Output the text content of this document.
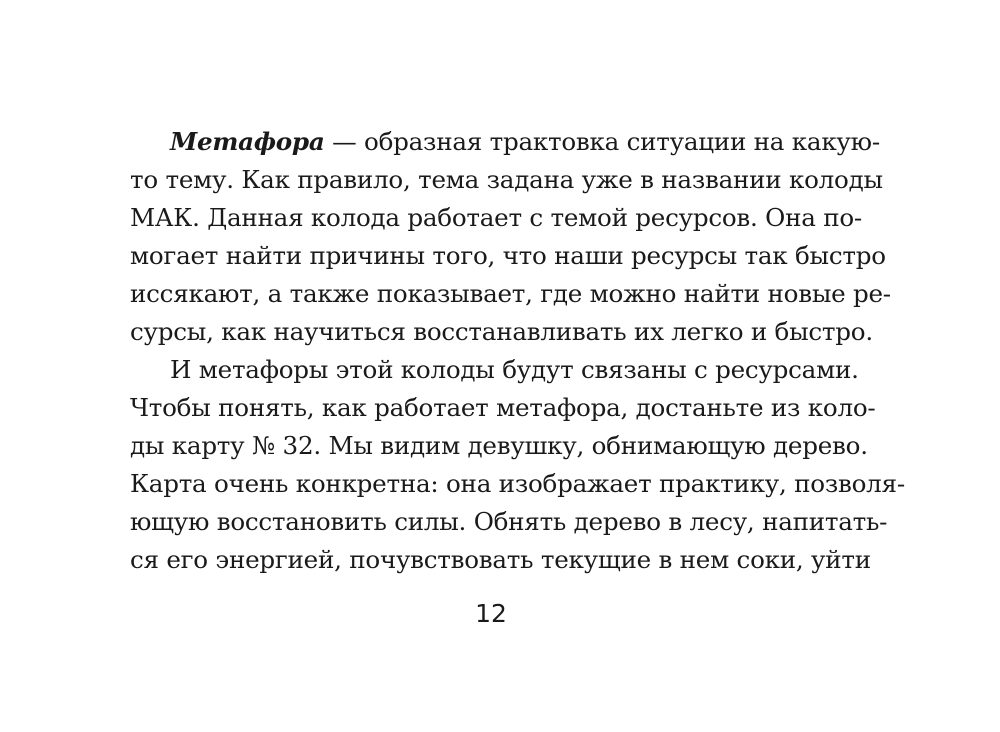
Метафора — образная трактовка ситуации на какую-
то тему. Как правило, тема задана уже в названии колоды
МАК. Данная колода работает с темой ресурсов. Она по-
могает найти причины того, что наши ресурсы так быстро
иссякают, а также показывает, где можно найти новые ре-
сурсы, как научиться восстанавливать их легко и быстро.
И метафоры этой колоды будут связаны с ресурсами.
Чтобы понять, как работает метафора, достаньте из коло-
ды карту № 32. Мы видим девушку, обнимающую дерево.
Карта очень конкретна: она изображает практику, позволя-
ющую восстановить силы. Обнять дерево в лесу, напитать-
ся его энергией, почувствовать текущие в нем соки, уйти
12
